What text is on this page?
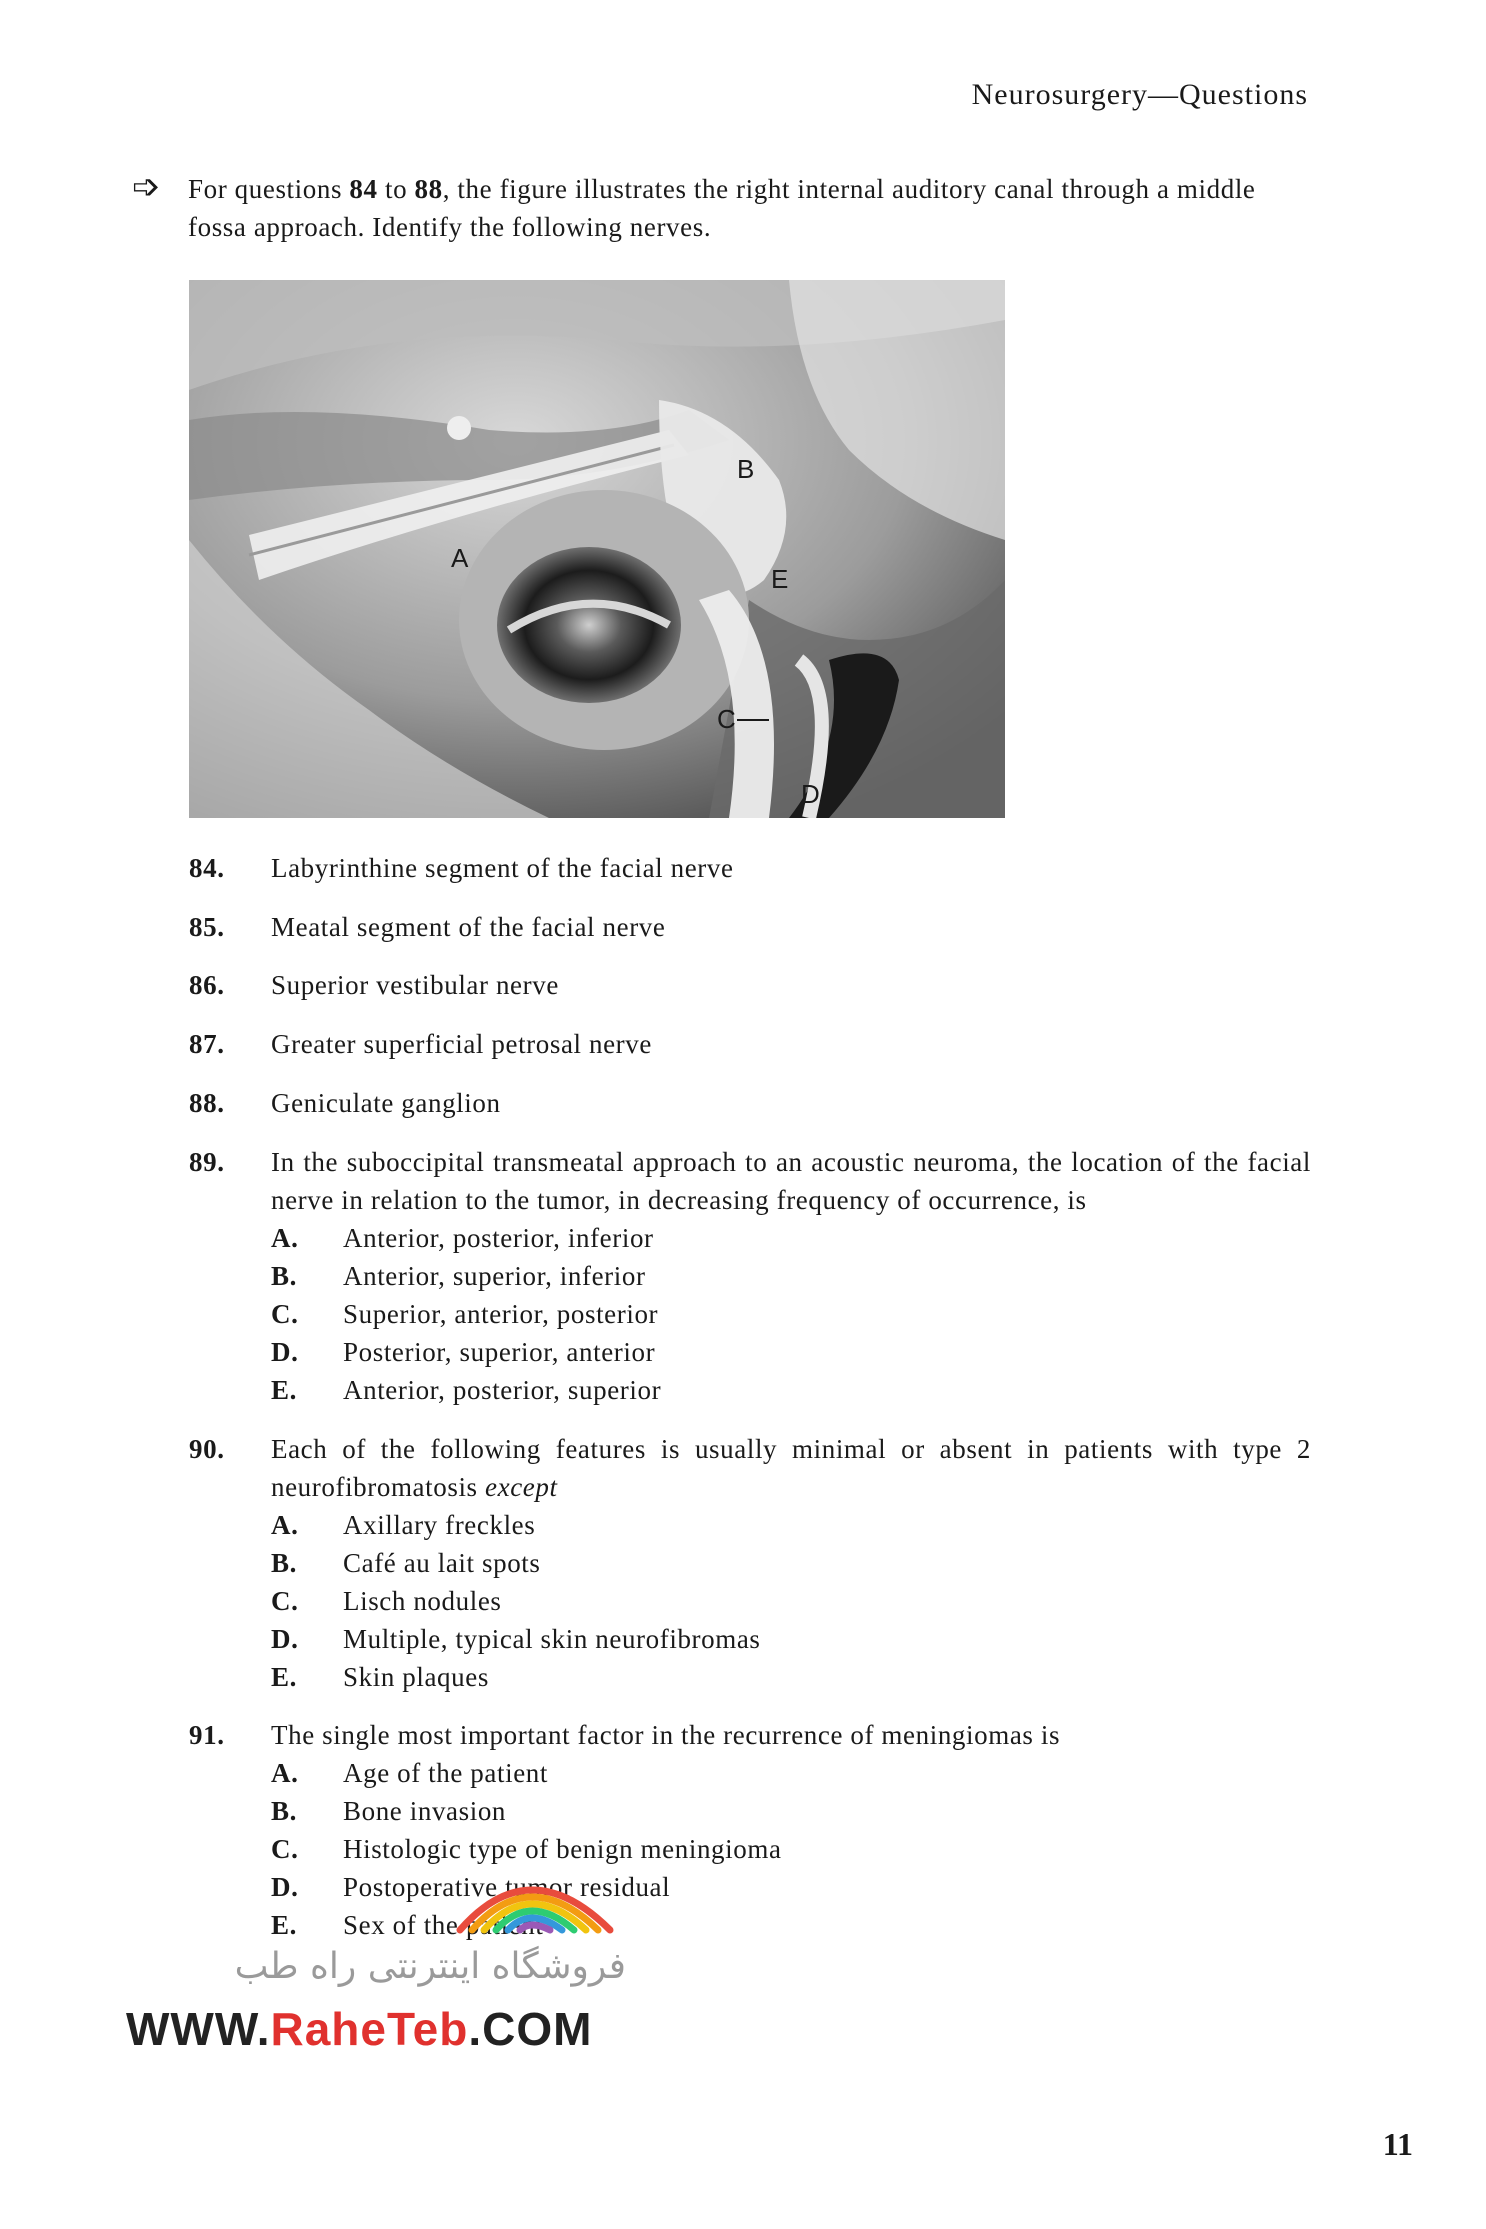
Neurosurgery—Questions
➩ For questions 84 to 88, the figure illustrates the right internal auditory canal through a middle fossa approach. Identify the following nerves.
A
B
C
D
E
84. Labyrinthine segment of the facial nerve
85. Meatal segment of the facial nerve
86. Superior vestibular nerve
87. Greater superficial petrosal nerve
88. Geniculate ganglion
89. In the suboccipital transmeatal approach to an acoustic neuroma, the location of the facial nerve in relation to the tumor, in decreasing frequency of occurrence, is
A. Anterior, posterior, inferior
B. Anterior, superior, inferior
C. Superior, anterior, posterior
D. Posterior, superior, anterior
E. Anterior, posterior, superior
90. Each of the following features is usually minimal or absent in patients with type 2 neurofibromatosis except
A. Axillary freckles
B. Café au lait spots
C. Lisch nodules
D. Multiple, typical skin neurofibromas
E. Skin plaques
91. The single most important factor in the recurrence of meningiomas is
A. Age of the patient
B. Bone invasion
C. Histologic type of benign meningioma
D. Postoperative tumor residual
E. Sex of the patient
فروشگاه اینترنتی راه طب
WWW.RaheTeb.COM
11
